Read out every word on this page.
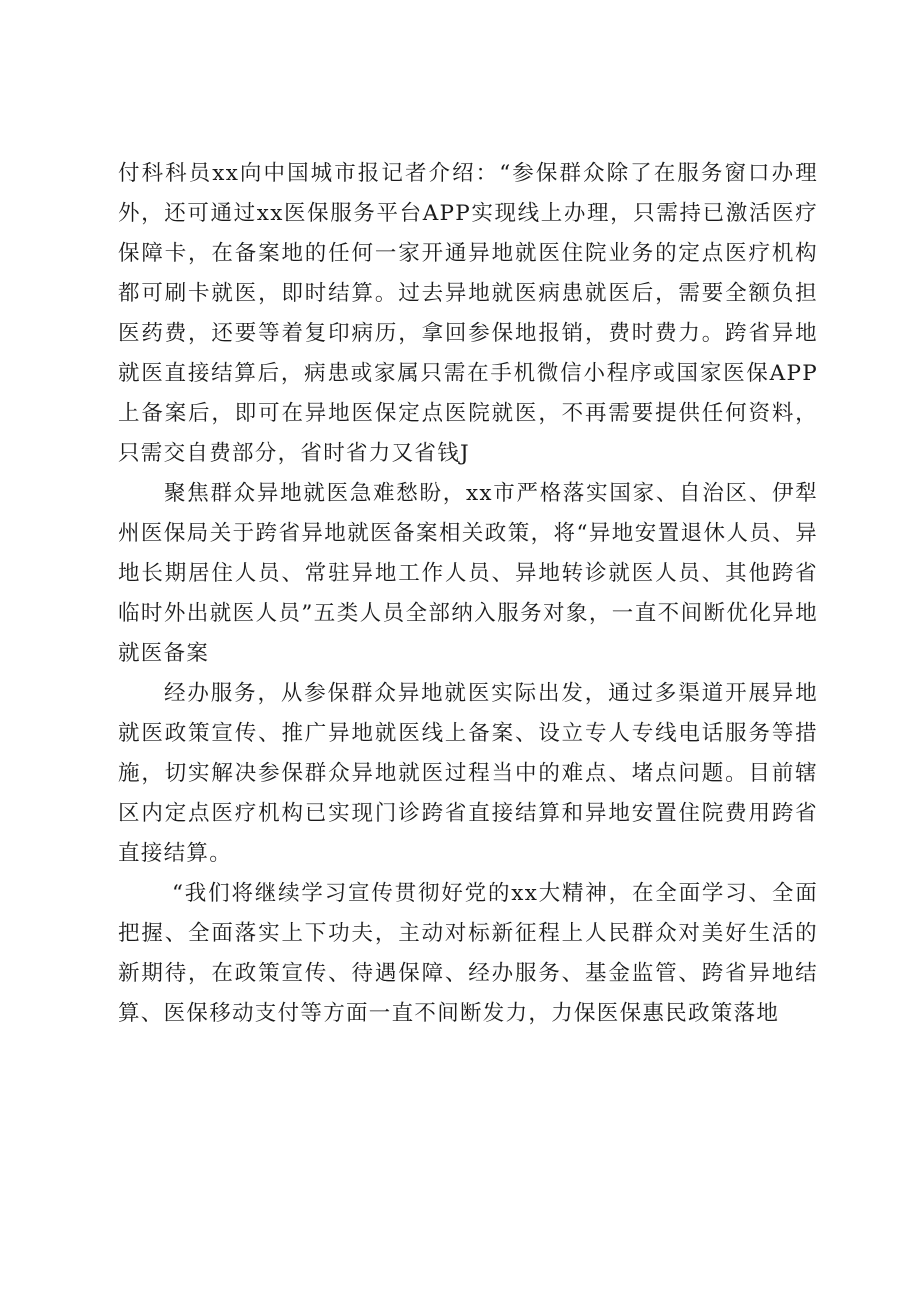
付科科员xx向中国城市报记者介绍：“参保群众除了在服务窗口办理外，还可通过xx医保服务平台APP实现线上办理，只需持已激活医疗保障卡，在备案地的任何一家开通异地就医住院业务的定点医疗机构都可刷卡就医，即时结算。过去异地就医病患就医后，需要全额负担医药费，还要等着复印病历，拿回参保地报销，费时费力。跨省异地就医直接结算后，病患或家属只需在手机微信小程序或国家医保APP上备案后，即可在异地医保定点医院就医，不再需要提供任何资料，只需交自费部分，省时省力又省钱J

聚焦群众异地就医急难愁盼，xx市严格落实国家、自治区、伊犁州医保局关于跨省异地就医备案相关政策，将“异地安置退休人员、异地长期居住人员、常驻异地工作人员、异地转诊就医人员、其他跨省临时外出就医人员”五类人员全部纳入服务对象，一直不间断优化异地就医备案

经办服务，从参保群众异地就医实际出发，通过多渠道开展异地就医政策宣传、推广异地就医线上备案、设立专人专线电话服务等措施，切实解决参保群众异地就医过程当中的难点、堵点问题。目前辖区内定点医疗机构已实现门诊跨省直接结算和异地安置住院费用跨省直接结算。

“我们将继续学习宣传贯彻好党的xx大精神，在全面学习、全面把握、全面落实上下功夫，主动对标新征程上人民群众对美好生活的新期待，在政策宣传、待遇保障、经办服务、基金监管、跨省异地结算、医保移动支付等方面一直不间断发力，力保医保惠民政策落地
